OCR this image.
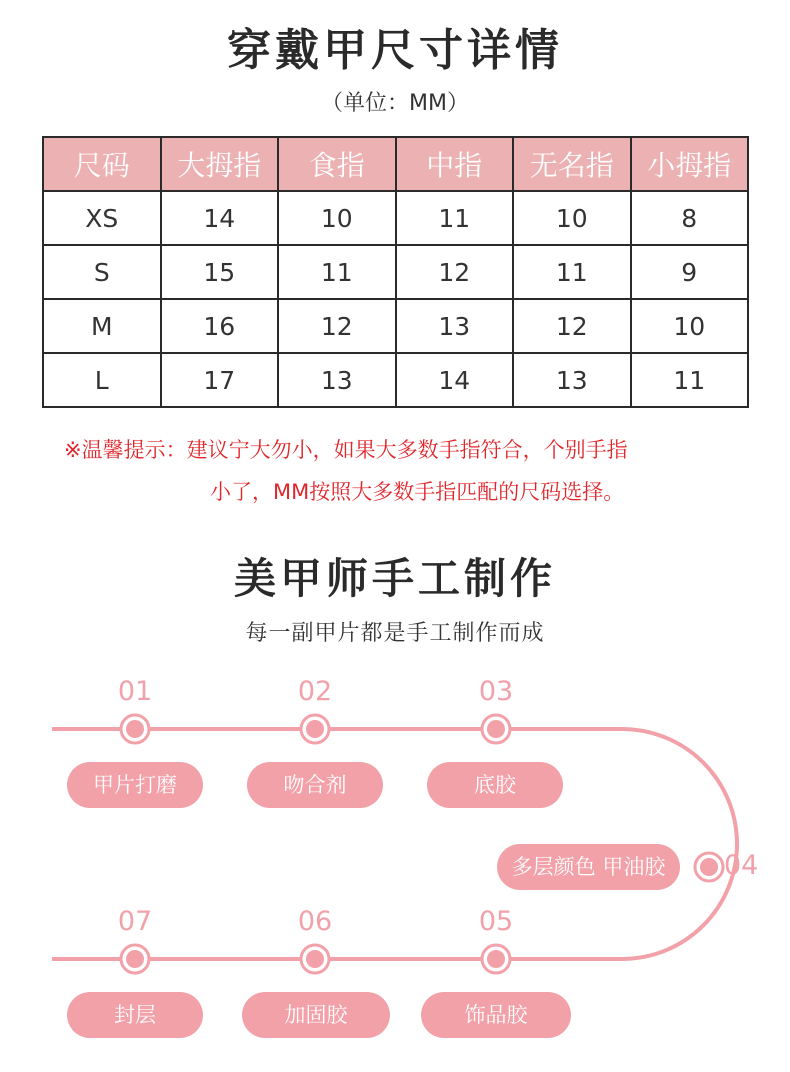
穿戴甲尺寸详情
（单位：MM）
尺码	大拇指	食指	中指	无名指	小拇指
XS	14	10	11	10	8
S	15	11	12	11	9
M	16	12	13	12	10
L	17	13	14	13	11
※温馨提示：建议宁大勿小，如果大多数手指符合，个别手指
小了，MM按照大多数手指匹配的尺码选择。
美甲师手工制作
每一副甲片都是手工制作而成
01	02	03
04
05
06
07
甲片打磨	吻合剂	底胶
多层颜色 甲油胶
饰品胶
加固胶
封层
